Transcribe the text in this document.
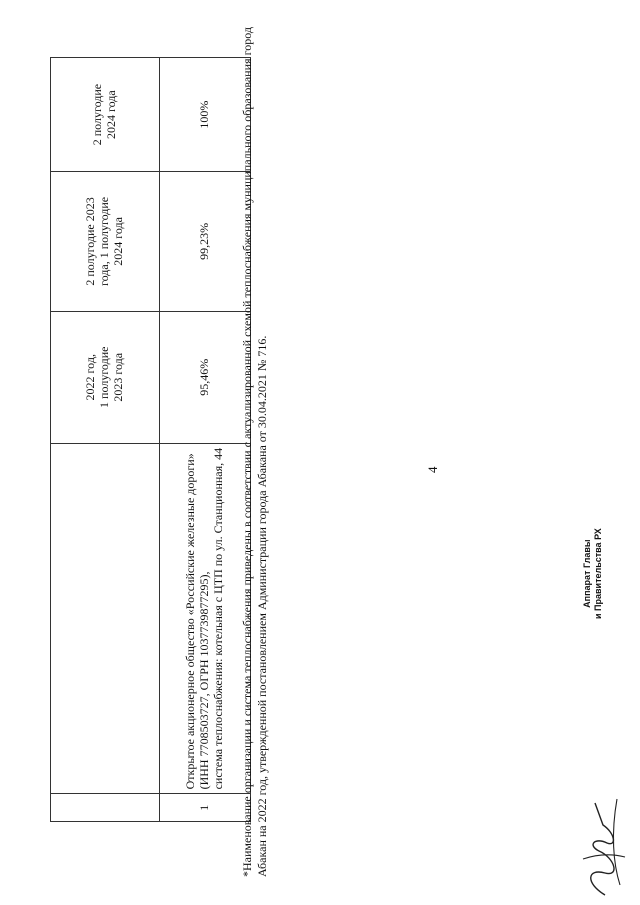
4

		2022 год, 1 полугодие 2023 года	2 полугодие 2023 года, 1 полугодие 2024 года	2 полугодие 2024 года

1	Открытое акционерное общество «Российские железные дороги» (ИНН 7708503727, ОГРН 1037739877295), система теплоснабжения: котельная с ЦТП по ул. Станционная, 44	95,46%	99,23%	100% *Наименование организации и система теплоснабжения приведены в соответствии с актуализированной схемой теплоснабжения муниципального образования город Абакан на 2022 год, утвержденной постановлением Администрации города Абакана от 30.04.2021 № 716.	Аппарат Главы и Правительства РХ
